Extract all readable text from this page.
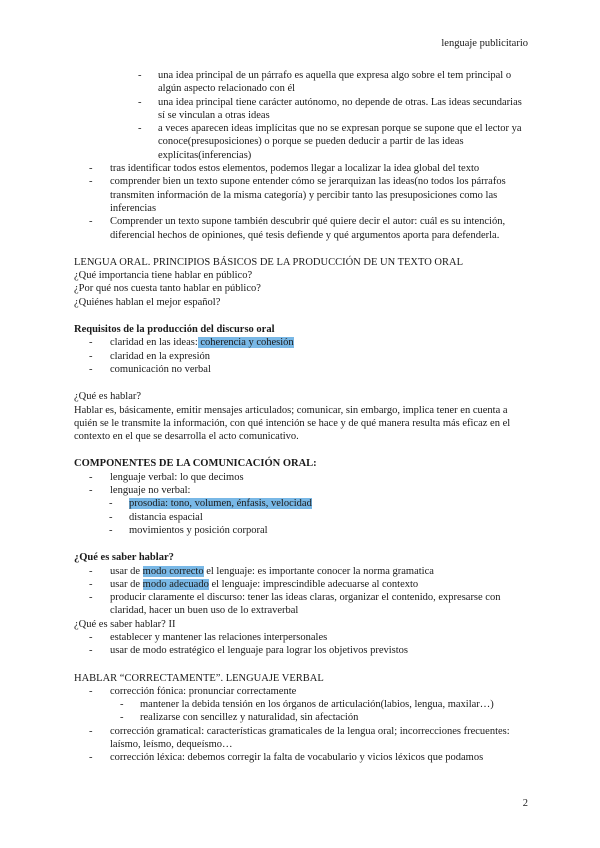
lenguaje publicitario
- una idea principal de un párrafo es aquella que expresa algo sobre el tem principal o algún aspecto relacionado con él
- una idea principal tiene carácter autónomo, no depende de otras. Las ideas secundarias sí se vinculan a otras ideas
- a veces aparecen ideas implícitas que no se expresan porque se supone que el lector ya conoce(presuposiciones) o porque se pueden deducir a partir de las ideas explícitas(inferencias)
- tras identificar todos estos elementos, podemos llegar a localizar la idea global del texto
- comprender bien un texto supone entender cómo se jerarquizan las ideas(no todos los párrafos transmiten información de la misma categoría) y percibir tanto las presuposiciones como las inferencias
- Comprender un texto supone también descubrir qué quiere decir el autor: cuál es su intención, diferencial hechos de opiniones, qué tesis defiende y qué argumentos aporta para defenderla.

LENGUA ORAL. PRINCIPIOS BÁSICOS DE LA PRODUCCIÓN DE UN TEXTO ORAL

¿Qué importancia tiene hablar en público?

¿Por qué nos cuesta tanto hablar en público?

¿Quiénes hablan el mejor español?

Requisitos de la producción del discurso oral

- claridad en las ideas: coherencia y cohesión
- claridad en la expresión
- comunicación no verbal

¿Qué es hablar?

Hablar es, básicamente, emitir mensajes articulados; comunicar, sin embargo, implica tener en cuenta a quién se le transmite la información, con qué intención se hace y de qué manera resulta más eficaz en el contexto en el que se desarrolla el acto comunicativo.

COMPONENTES DE LA COMUNICACIÓN ORAL:

- lenguaje verbal: lo que decimos
- lenguaje no verbal:
- prosodia: tono, volumen, énfasis, velocidad
- distancia espacial
- movimientos y posición corporal

¿Qué es saber hablar?

- usar de modo correcto el lenguaje: es importante conocer la norma gramatica
- usar de modo adecuado el lenguaje: imprescindible adecuarse al contexto
- producir claramente el discurso: tener las ideas claras, organizar el contenido, expresarse con claridad, hacer un buen uso de lo extraverbal

¿Qué es saber hablar? II

- establecer y mantener las relaciones interpersonales
- usar de modo estratégico el lenguaje para lograr los objetivos previstos

HABLAR “CORRECTAMENTE”. LENGUAJE VERBAL

- corrección fónica: pronunciar correctamente
- mantener la debida tensión en los órganos de articulación(labios, lengua, maxilar…)
- realizarse con sencillez y naturalidad, sin afectación
- corrección gramatical: características gramaticales de la lengua oral; incorrecciones frecuentes: laísmo, leísmo, dequeísmo…
- corrección léxica: debemos corregir la falta de vocabulario y vicios léxicos que podamos
2
